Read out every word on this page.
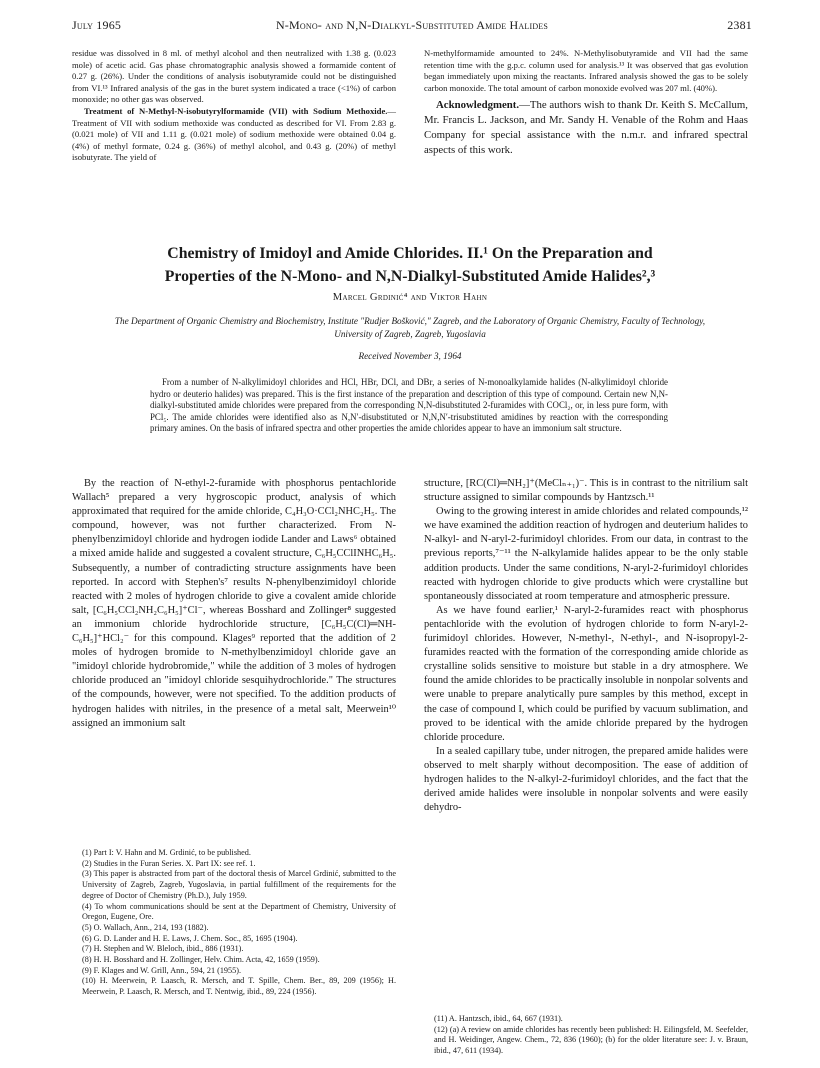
July 1965	N-Mono- and N,N-Dialkyl-Substituted Amide Halides	2381

residue was dissolved in 8 ml. of methyl alcohol and then neutralized with 1.38 g. (0.023 mole) of acetic acid. Gas phase chromatographic analysis showed a formamide content of 0.27 g. (26%). Under the conditions of analysis isobutyramide could not be distinguished from VI.¹³ Infrared analysis of the gas in the buret system indicated a trace (<1%) of carbon monoxide; no other gas was observed.

Treatment of N-Methyl-N-isobutyrylformamide (VII) with Sodium Methoxide.—Treatment of VII with sodium methoxide was conducted as described for VI. From 2.83 g. (0.021 mole) of VII and 1.11 g. (0.021 mole) of sodium methoxide were obtained 0.04 g. (4%) of methyl formate, 0.24 g. (36%) of methyl alcohol, and 0.43 g. (20%) of methyl isobutyrate. The yield of

N-methylformamide amounted to 24%. N-Methylisobutyramide and VII had the same retention time with the g.p.c. column used for analysis.¹³ It was observed that gas evolution began immediately upon mixing the reactants. Infrared analysis showed the gas to be solely carbon monoxide. The total amount of carbon monoxide evolved was 207 ml. (40%).

Acknowledgment.—The authors wish to thank Dr. Keith S. McCallum, Mr. Francis L. Jackson, and Mr. Sandy H. Venable of the Rohm and Haas Company for special assistance with the n.m.r. and infrared spectral aspects of this work.

Chemistry of Imidoyl and Amide Chlorides. II.¹ On the Preparation and
Properties of the N-Mono- and N,N-Dialkyl-Substituted Amide Halides²,³
Marcel Grdinić⁴ and Viktor Hahn
The Department of Organic Chemistry and Biochemistry, Institute "Rudjer Bošković," Zagreb, and the Laboratory of Organic Chemistry, Faculty of Technology, University of Zagreb, Zagreb, Yugoslavia
Received November 3, 1964
From a number of N-alkylimidoyl chlorides and HCl, HBr, DCl, and DBr, a series of N-monoalkylamide halides (N-alkylimidoyl chloride hydro or deuterio halides) was prepared. This is the first instance of the preparation and description of this type of compound. Certain new N,N-dialkyl-substituted amide chlorides were prepared from the corresponding N,N-disubstituted 2-furamides with COCl₂, or, in less pure form, with PCl₅. The amide chlorides were identified also as N,N′-disubstituted or N,N,N′-trisubstituted amidines by reaction with the corresponding primary amines. On the basis of infrared spectra and other properties the amide chlorides appear to have an immonium salt structure.

By the reaction of N-ethyl-2-furamide with phosphorus pentachloride Wallach⁵ prepared a very hygroscopic product, analysis of which approximated that required for the amide chloride, C₄H₃O·CCl₂NHC₂H₅. The compound, however, was not further characterized. From N-phenylbenzimidoyl chloride and hydrogen iodide Lander and Laws⁶ obtained a mixed amide halide and suggested a covalent structure, C₆H₅CClINHC₆H₅. Subsequently, a number of contradicting structure assignments have been reported. In accord with Stephen's⁷ results N-phenylbenzimidoyl chloride reacted with 2 moles of hydrogen chloride to give a covalent amide chloride salt, [C₆H₅CCl₂NH₂C₆H₅]⁺Cl⁻, whereas Bosshard and Zollinger⁸ suggested an immonium chloride hydrochloride structure, [C₆H₅C(Cl)═NH-C₆H₅]⁺HCl₂⁻ for this compound. Klages⁹ reported that the addition of 2 moles of hydrogen bromide to N-methylbenzimidoyl chloride gave an "imidoyl chloride hydrobromide," while the addition of 3 moles of hydrogen chloride produced an "imidoyl chloride sesquihydrochloride." The structures of the compounds, however, were not specified. To the addition products of hydrogen halides with nitriles, in the presence of a metal salt, Meerwein¹⁰ assigned an immonium salt

structure, [RC(Cl)═NH₂]⁺(MeClₙ₊₁)⁻. This is in contrast to the nitrilium salt structure assigned to similar compounds by Hantzsch.¹¹

Owing to the growing interest in amide chlorides and related compounds,¹² we have examined the addition reaction of hydrogen and deuterium halides to N-alkyl- and N-aryl-2-furimidoyl chlorides. From our data, in contrast to the previous reports,⁷⁻¹¹ the N-alkylamide halides appear to be the only stable addition products. Under the same conditions, N-aryl-2-furimidoyl chlorides reacted with hydrogen chloride to give products which were crystalline but spontaneously dissociated at room temperature and atmospheric pressure.

As we have found earlier,¹ N-aryl-2-furamides react with phosphorus pentachloride with the evolution of hydrogen chloride to form N-aryl-2-furimidoyl chlorides. However, N-methyl-, N-ethyl-, and N-isopropyl-2-furamides reacted with the formation of the corresponding amide chloride as crystalline solids sensitive to moisture but stable in a dry atmosphere. We found the amide chlorides to be practically insoluble in nonpolar solvents and were unable to prepare analytically pure samples by this method, except in the case of compound I, which could be purified by vacuum sublimation, and proved to be identical with the amide chloride prepared by the hydrogen chloride procedure.

In a sealed capillary tube, under nitrogen, the prepared amide halides were observed to melt sharply without decomposition. The ease of addition of hydrogen halides to the N-alkyl-2-furimidoyl chlorides, and the fact that the derived amide halides were insoluble in nonpolar solvents and were easily dehydro-

(1) Part I: V. Hahn and M. Grdinić, to be published.

(2) Studies in the Furan Series. X. Part IX: see ref. 1.

(3) This paper is abstracted from part of the doctoral thesis of Marcel Grdinić, submitted to the University of Zagreb, Zagreb, Yugoslavia, in partial fulfillment of the requirements for the degree of Doctor of Chemistry (Ph.D.), July 1959.

(4) To whom communications should be sent at the Department of Chemistry, University of Oregon, Eugene, Ore.

(5) O. Wallach, Ann., 214, 193 (1882).

(6) G. D. Lander and H. E. Laws, J. Chem. Soc., 85, 1695 (1904).

(7) H. Stephen and W. Bleloch, ibid., 886 (1931).

(8) H. H. Bosshard and H. Zollinger, Helv. Chim. Acta, 42, 1659 (1959).

(9) F. Klages and W. Grill, Ann., 594, 21 (1955).

(10) H. Meerwein, P. Laasch, R. Mersch, and T. Spille, Chem. Ber., 89, 209 (1956); H. Meerwein, P. Laasch, R. Mersch, and T. Nentwig, ibid., 89, 224 (1956).

(11) A. Hantzsch, ibid., 64, 667 (1931).

(12) (a) A review on amide chlorides has recently been published: H. Eilingsfeld, M. Seefelder, and H. Weidinger, Angew. Chem., 72, 836 (1960); (b) for the older literature see: J. v. Braun, ibid., 47, 611 (1934).
